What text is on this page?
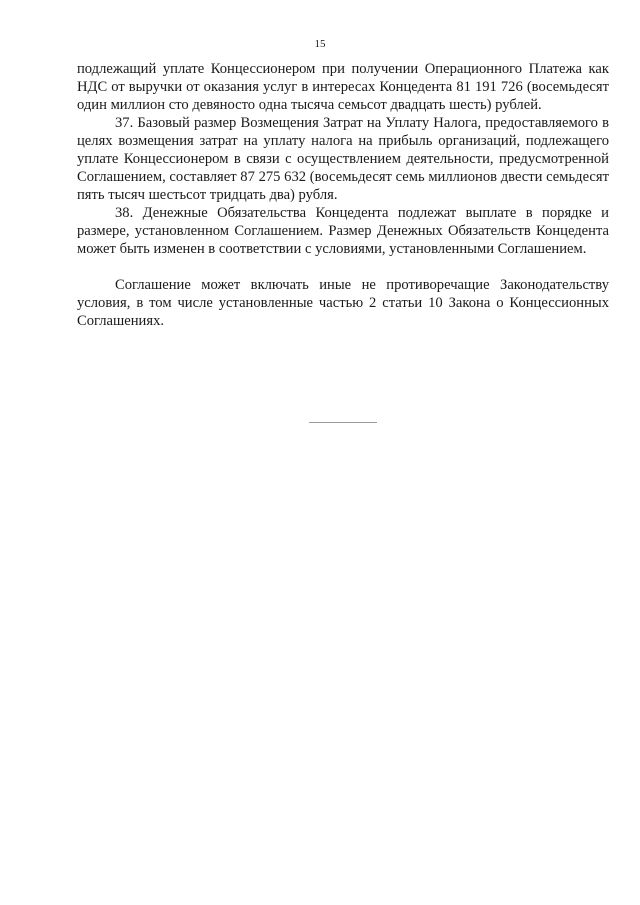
15

подлежащий уплате Концессионером при получении Операционного Платежа как НДС от выручки от оказания услуг в интересах Концедента 81 191 726 (восемьдесят один миллион сто девяносто одна тысяча семьсот двадцать шесть) рублей.

37. Базовый размер Возмещения Затрат на Уплату Налога, предоставляемого в целях возмещения затрат на уплату налога на прибыль организаций, подлежащего уплате Концессионером в связи с осуществлением деятельности, предусмотренной Соглашением, составляет 87 275 632 (восемьдесят семь миллионов двести семьдесят пять тысяч шестьсот тридцать два) рубля.

38. Денежные Обязательства Концедента подлежат выплате в порядке и размере, установленном Соглашением. Размер Денежных Обязательств Концедента может быть изменен в соответствии с условиями, установленными Соглашением.

Соглашение может включать иные не противоречащие Законодательству условия, в том числе установленные частью 2 статьи 10 Закона о Концессионных Соглашениях.
